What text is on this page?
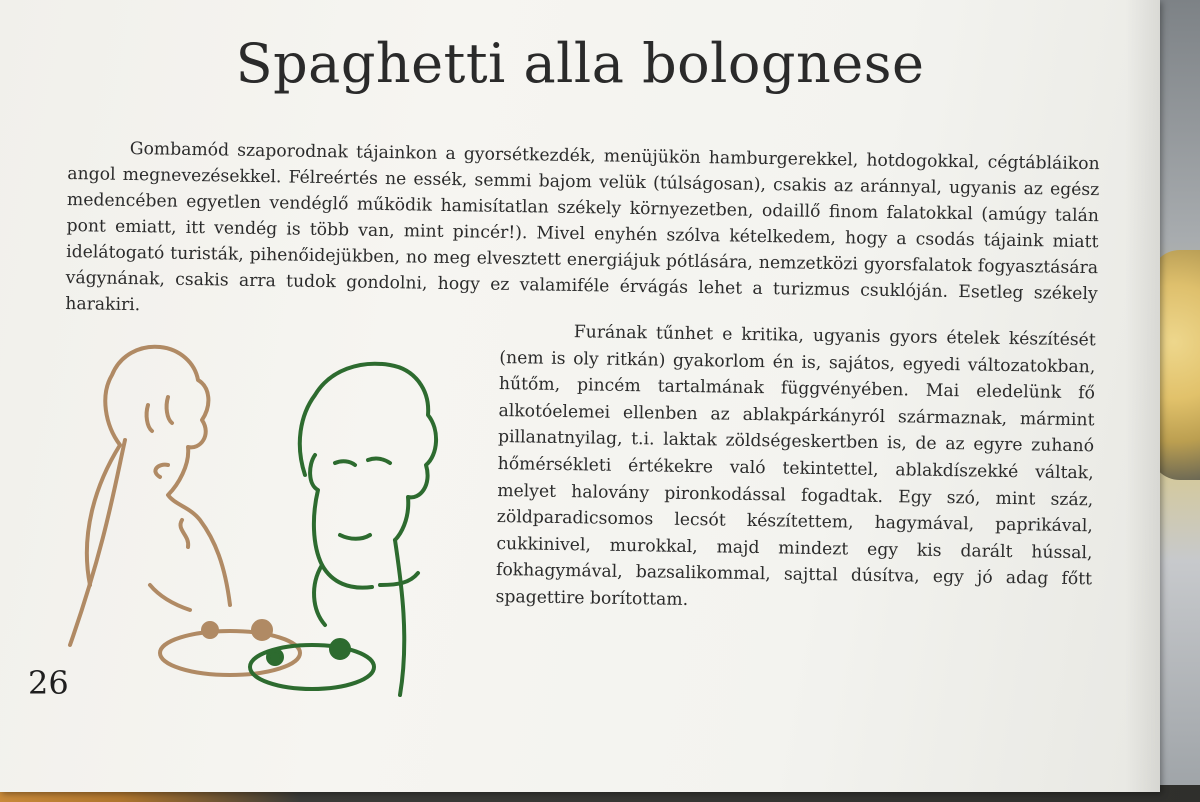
Spaghetti alla bolognese

Gombamód szaporodnak tájainkon a gyorsétkezdék, menüjükön hamburgerekkel, hotdogokkal, cégtábláikon angol megnevezésekkel. Félreértés ne essék, semmi bajom velük (túlságosan), csakis az aránnyal, ugyanis az egész medencében egyetlen vendéglő működik hamisítatlan székely környezetben, odaillő finom falatokkal (amúgy talán pont emiatt, itt vendég is több van, mint pincér!). Mivel enyhén szólva kételkedem, hogy a csodás tájaink miatt idelátogató turisták, pihenőidejükben, no meg elvesztett energiájuk pótlására, nemzetközi gyorsfalatok fogyasztására vágynának, csakis arra tudok gondolni, hogy ez valamiféle érvágás lehet a turizmus csuklóján. Esetleg székely harakiri.

Furának tűnhet e kritika, ugyanis gyors ételek készítését (nem is oly ritkán) gyakorlom én is, sajátos, egyedi változatokban, hűtőm, pincém tartalmának függvényében. Mai eledelünk fő alkotóelemei ellenben az ablakpárkányról származnak, mármint pillanatnyilag, t.i. laktak zöldségeskertben is, de az egyre zuhanó hőmérsékleti értékekre való tekintettel, ablakdíszekké váltak, melyet halovány pironkodással fogadtak. Egy szó, mint száz, zöldparadicsomos lecsót készítettem, hagymával, paprikával, cukkinivel, murokkal, majd mindezt egy kis darált hússal, fokhagymával, bazsalikommal, sajttal dúsítva, egy jó adag főtt spagettire borítottam.

26
